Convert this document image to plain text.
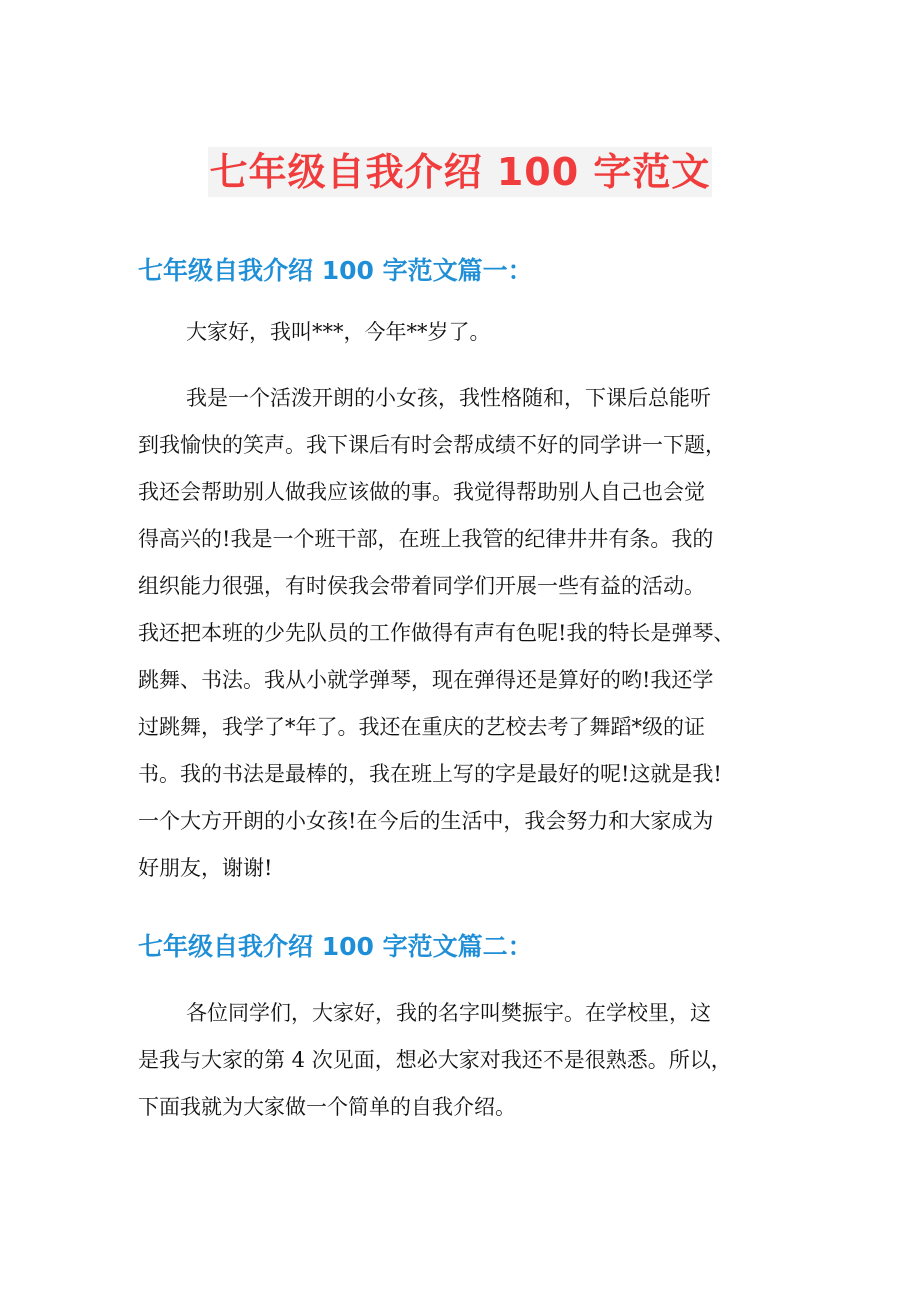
七年级自我介绍 100 字范文
七年级自我介绍 100 字范文篇一：
大家好，我叫***，今年**岁了。
我是一个活泼开朗的小女孩，我性格随和，下课后总能听
到我愉快的笑声。我下课后有时会帮成绩不好的同学讲一下题，
我还会帮助别人做我应该做的事。我觉得帮助别人自己也会觉
得高兴的!我是一个班干部，在班上我管的纪律井井有条。我的
组织能力很强，有时侯我会带着同学们开展一些有益的活动。
我还把本班的少先队员的工作做得有声有色呢!我的特长是弹琴、
跳舞、书法。我从小就学弹琴，现在弹得还是算好的哟!我还学
过跳舞，我学了*年了。我还在重庆的艺校去考了舞蹈*级的证
书。我的书法是最棒的，我在班上写的字是最好的呢!这就是我!
一个大方开朗的小女孩!在今后的生活中，我会努力和大家成为
好朋友，谢谢!
七年级自我介绍 100 字范文篇二：
各位同学们，大家好，我的名字叫樊振宇。在学校里，这
是我与大家的第 4 次见面，想必大家对我还不是很熟悉。所以，
下面我就为大家做一个简单的自我介绍。
